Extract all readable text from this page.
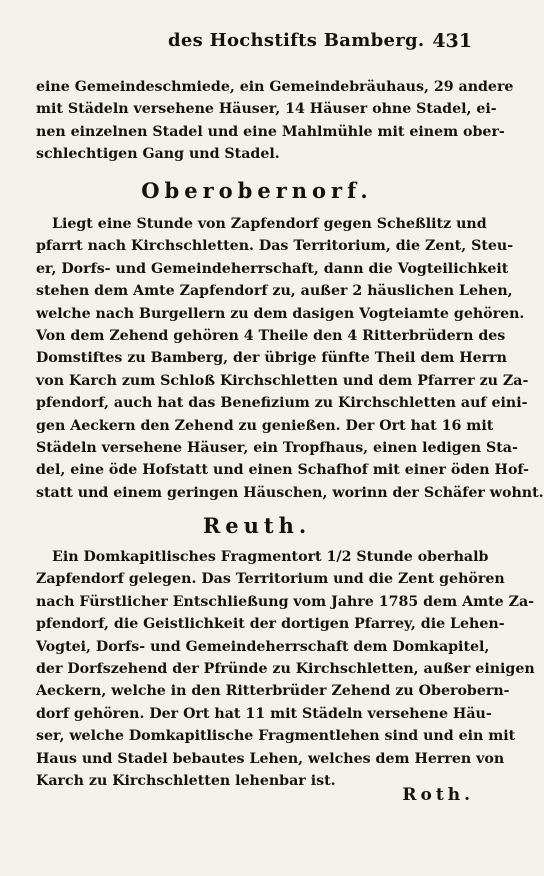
des Hochstifts Bamberg. 431
eine Gemeindeschmiede, ein Gemeindebräuhaus, 29 andere
mit Städeln versehene Häuser, 14 Häuser ohne Stadel, ei-
nen einzelnen Stadel und eine Mahlmühle mit einem ober-
schlechtigen Gang und Stadel.
Oberobernorf.
Liegt eine Stunde von Zapfendorf gegen Scheßlitz und
pfarrt nach Kirchschletten. Das Territorium, die Zent, Steu-
er, Dorfs- und Gemeindeherrschaft, dann die Vogteilichkeit
stehen dem Amte Zapfendorf zu, außer 2 häuslichen Lehen,
welche nach Burgellern zu dem dasigen Vogteiamte gehören.
Von dem Zehend gehören 4 Theile den 4 Ritterbrüdern des
Domstiftes zu Bamberg, der übrige fünfte Theil dem Herrn
von Karch zum Schloß Kirchschletten und dem Pfarrer zu Za-
pfendorf, auch hat das Benefizium zu Kirchschletten auf eini-
gen Aeckern den Zehend zu genießen. Der Ort hat 16 mit
Städeln versehene Häuser, ein Tropfhaus, einen ledigen Sta-
del, eine öde Hofstatt und einen Schafhof mit einer öden Hof-
statt und einem geringen Häuschen, worinn der Schäfer wohnt.
Reuth.
Ein Domkapitlisches Fragmentort 1/2 Stunde oberhalb
Zapfendorf gelegen. Das Territorium und die Zent gehören
nach Fürstlicher Entschließung vom Jahre 1785 dem Amte Za-
pfendorf, die Geistlichkeit der dortigen Pfarrey, die Lehen-
Vogtei, Dorfs- und Gemeindeherrschaft dem Domkapitel,
der Dorfszehend der Pfründe zu Kirchschletten, außer einigen
Aeckern, welche in den Ritterbrüder Zehend zu Oberobern-
dorf gehören. Der Ort hat 11 mit Städeln versehene Häu-
ser, welche Domkapitlische Fragmentlehen sind und ein mit
Haus und Stadel bebautes Lehen, welches dem Herren von
Karch zu Kirchschletten lehenbar ist.
Roth.
